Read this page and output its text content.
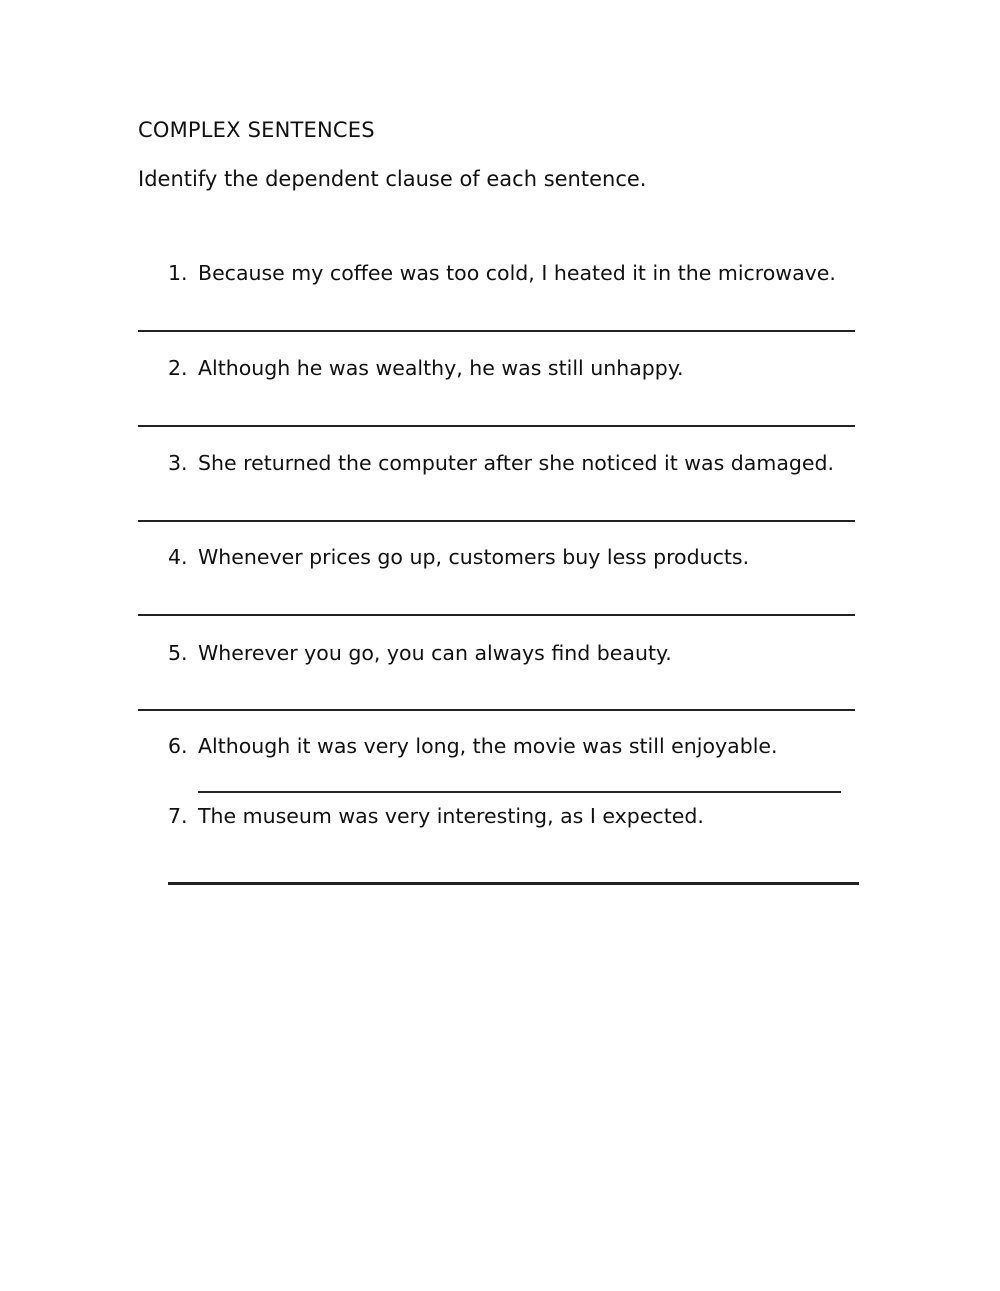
COMPLEX SENTENCES
Identify the dependent clause of each sentence.
1. Because my coffee was too cold, I heated it in the microwave.
2. Although he was wealthy, he was still unhappy.
3. She returned the computer after she noticed it was damaged.
4. Whenever prices go up, customers buy less products.
5. Wherever you go, you can always find beauty.
6. Although it was very long, the movie was still enjoyable.
7. The museum was very interesting, as I expected.
